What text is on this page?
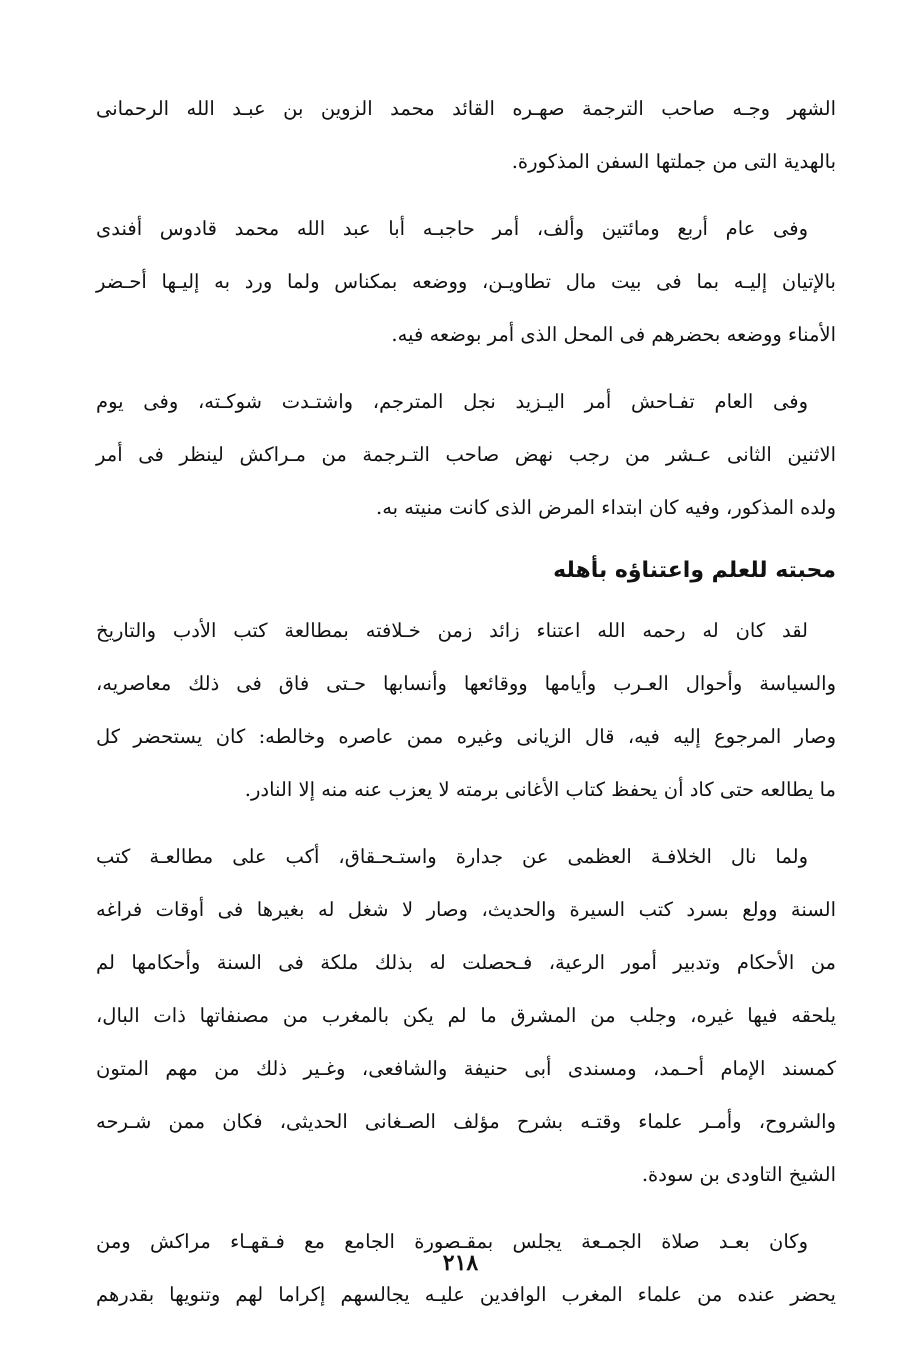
الشهر وجـه صاحب الترجمة صهـره القائد محمد الزوين بن عبـد الله الرحمانى
بالهدية التى من جملتها السفن المذكورة.

وفى عام أربع ومائتين وألف، أمر حاجبـه أبا عبد الله محمد قادوس أفندى
بالإتيان إليـه بما فى بيت مال تطاويـن، ووضعه بمكناس ولما ورد به إليـها أحـضر
الأمناء ووضعه بحضرهم فى المحل الذى أمر بوضعه فيه.

وفى العام تفـاحش أمر اليـزيد نجل المترجم، واشتـدت شوكـته، وفى يوم
الاثنين الثانى عـشر من رجب نهض صاحب التـرجمة من مـراكش لينظر فى أمر
ولده المذكور، وفيه كان ابتداء المرض الذى كانت منيته به.

محبته للعلم واعتناؤه بأهله

لقد كان له رحمه الله اعتناء زائد زمن خـلافته بمطالعة كتب الأدب والتاريخ
والسياسة وأحوال العـرب وأيامها ووقائعها وأنسابها حـتى فاق فى ذلك معاصريه،
وصار المرجوع إليه فيه، قال الزيانى وغيره ممن عاصره وخالطه: كان يستحضر كل
ما يطالعه حتى كاد أن يحفظ كتاب الأغانى برمته لا يعزب عنه منه إلا النادر.

ولما نال الخلافـة العظمى عن جدارة واستـحـقاق، أكب على مطالعـة كتب
السنة وولع بسرد كتب السيرة والحديث، وصار لا شغل له بغيرها فى أوقات فراغه
من الأحكام وتدبير أمور الرعية، فـحصلت له بذلك ملكة فى السنة وأحكامها لم
يلحقه فيها غيره، وجلب من المشرق ما لم يكن بالمغرب من مصنفاتها ذات البال،
كمسند الإمام أحـمد، ومسندى أبى حنيفة والشافعى، وغـير ذلك من مهم المتون
والشروح، وأمـر علماء وقتـه بشرح مؤلف الصـغانى الحديثى، فكان ممن شـرحه
الشيخ التاودى بن سودة.

وكان بعـد صلاة الجمـعة يجلس بمقـصورة الجامع مع فـقهـاء مراكش ومن
يحضر عنده من علماء المغرب الوافدين عليـه يجالسهم إكراما لهم وتنويها بقدرهم

٢١٨
